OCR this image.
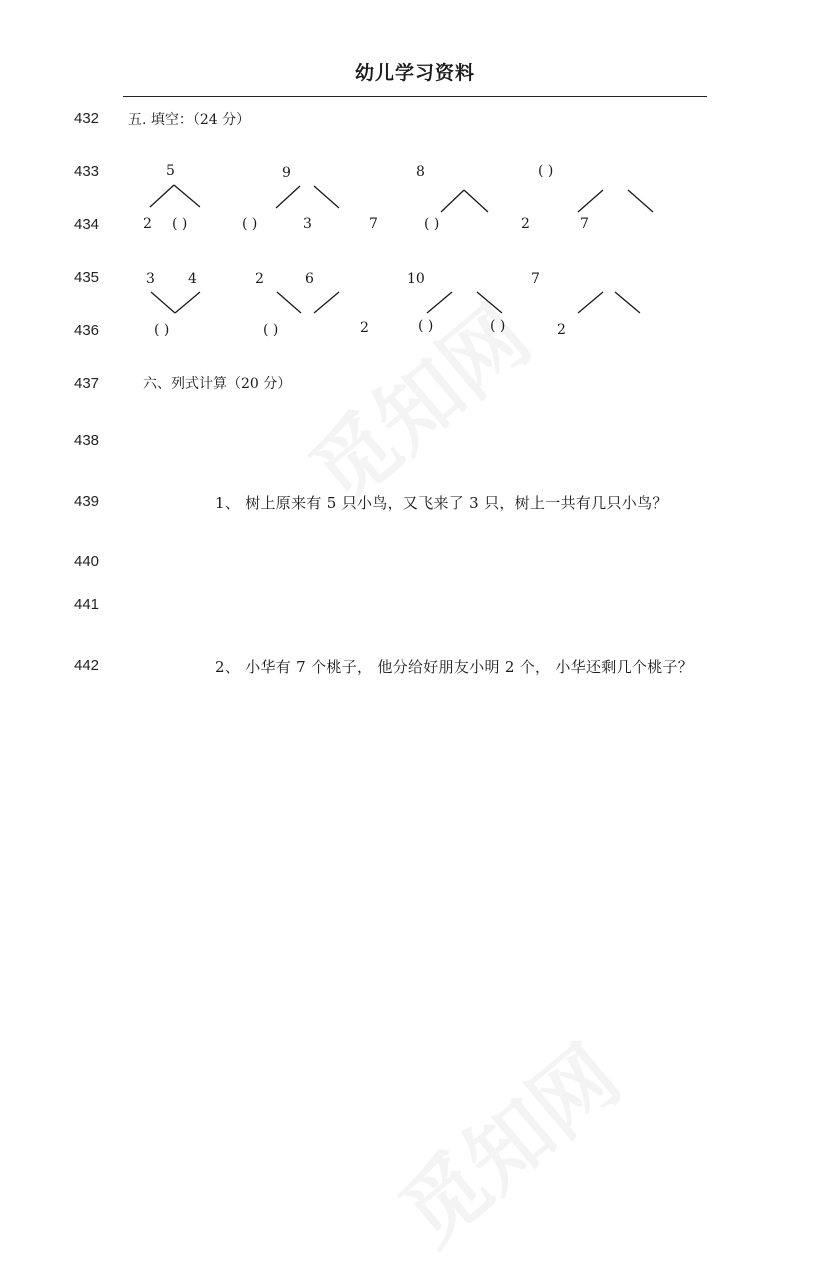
幼儿学习资料
432
433
434
435
436
437
438
439
440
441
442
五. 填空：（24 分）
5
2 ( )
9
( )	3
8
( )
7
( )
2	7
3 4
( )
2	6
( )
10
2	( )
7
( )	2
六、列式计算（20 分）
1、 树上原来有 5 只小鸟，又飞来了 3 只，树上一共有几只小鸟？
2、 小华有 7 个桃子， 他分给好朋友小明 2 个， 小华还剩几个桃子？
